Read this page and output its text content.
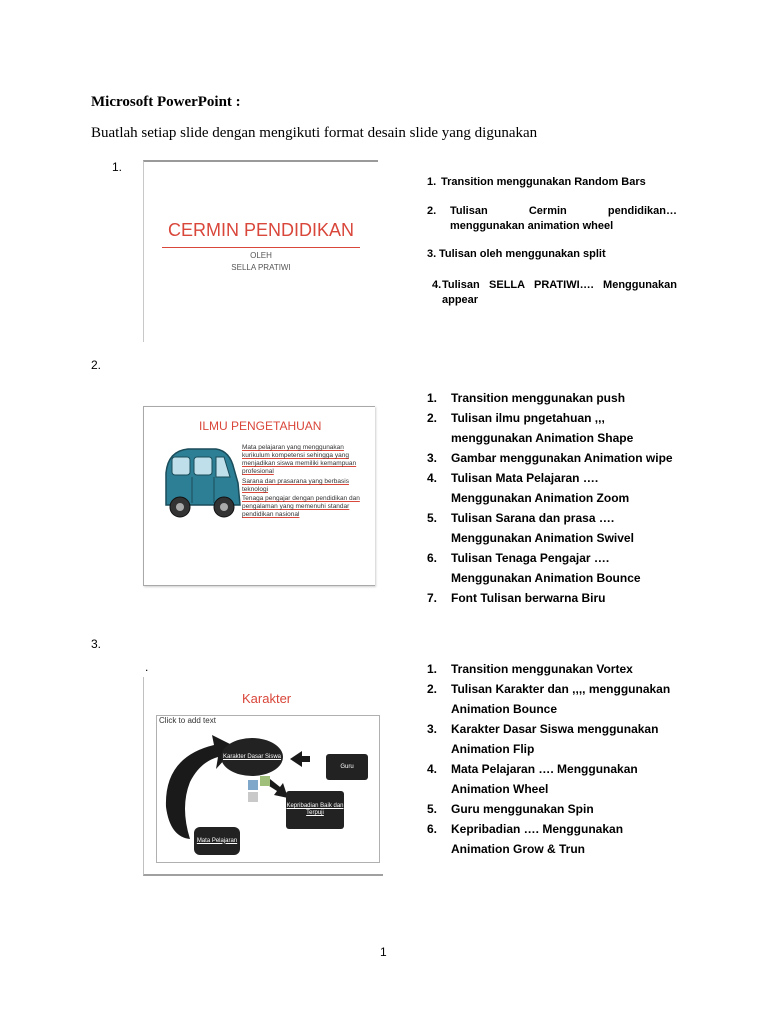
Microsoft PowerPoint :
Buatlah setiap slide dengan mengikuti format desain slide yang digunakan
1.
CERMIN PENDIDIKAN
OLEH
SELLA PRATIWI
1. Transition menggunakan Random Bars
2.	Tulisan Cermin pendidikan… menggunakan animation wheel
3. Tulisan oleh menggunakan split
4. Tulisan SELLA PRATIWI…. Menggunakan appear
2.
ILMU PENGETAHUAN
Mata pelajaran yang menggunakan kurikulum kompetensi sehingga yang menjadikan siswa memiliki kemampuan profesional
Sarana dan prasarana yang berbasis teknologi
Tenaga pengajar dengan pendidikan dan pengalaman yang memenuhi standar pendidikan nasional
1.	Transition menggunakan push
2.	Tulisan ilmu pngetahuan ,,, menggunakan Animation Shape
3.	Gambar menggunakan Animation wipe
4.	Tulisan Mata Pelajaran …. Menggunakan Animation Zoom
5.	Tulisan Sarana dan prasa …. Menggunakan Animation Swivel
6.	Tulisan Tenaga Pengajar …. Menggunakan Animation Bounce
7.	Font Tulisan berwarna Biru
3.
.
Karakter
Click to add text
Karakter Dasar Siswa
Guru
Kepribadian Baik dan Terpuji
Mata Pelajaran
1.	Transition menggunakan Vortex
2.	Tulisan Karakter dan ,,,, menggunakan Animation Bounce
3.	Karakter Dasar Siswa menggunakan Animation Flip
4.	Mata Pelajaran …. Menggunakan Animation Wheel
5.	Guru menggunakan Spin
6.	Kepribadian …. Menggunakan Animation Grow & Trun
1
